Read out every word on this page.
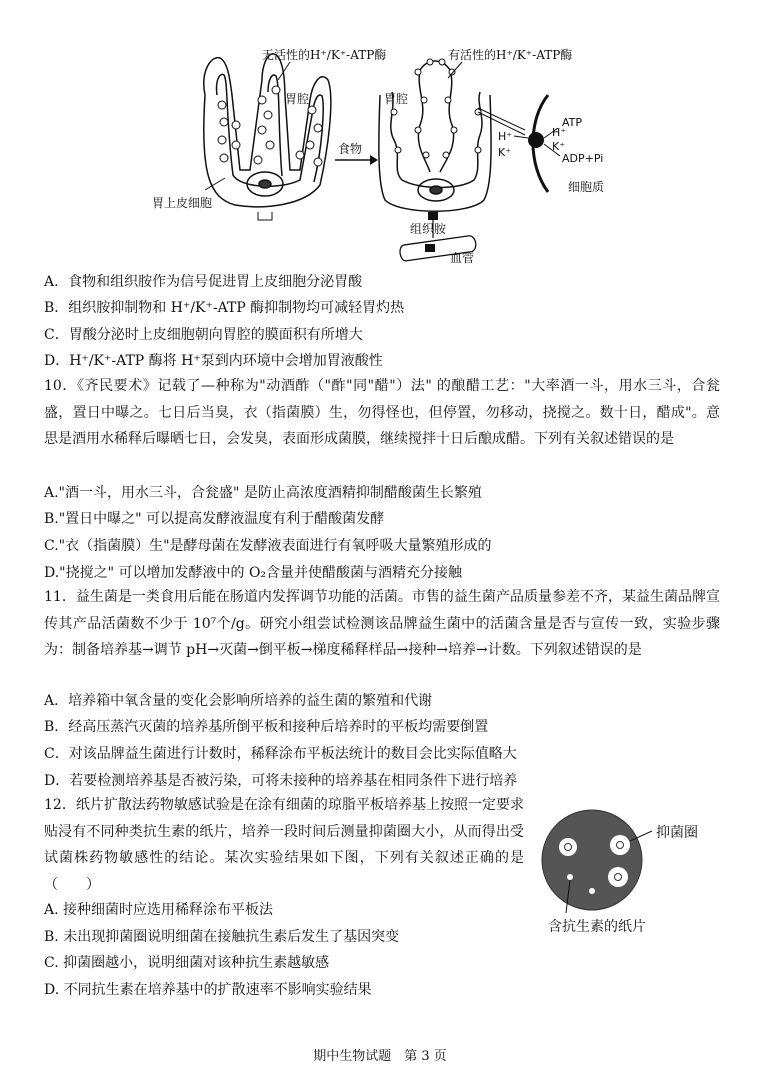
无活性的H⁺/K⁺-ATP酶	有活性的H⁺/K⁺-ATP酶
胃腔	胃腔
食物
胃上皮细胞
组织胺
血管
细胞质
ATP
ADP+Pi
H⁺
K⁺
H⁺
K⁺
A．食物和组织胺作为信号促进胃上皮细胞分泌胃酸
B．组织胺抑制物和 H⁺/K⁺-ATP 酶抑制物均可减轻胃灼热
C．胃酸分泌时上皮细胞朝向胃腔的膜面积有所增大
D．H⁺/K⁺-ATP 酶将 H⁺泵到内环境中会增加胃液酸性
10．《齐民要术》记载了—种称为"动酒酢（"酢"同"醋"）法" 的酿醋工艺："大率酒一斗，用水三斗，合瓮盛，置日中曝之。七日后当臭，衣（指菌膜）生，勿得怪也，但停置，勿移动，挠搅之。数十日，醋成"。意思是酒用水稀释后曝晒七日，会发臭，表面形成菌膜，继续搅拌十日后酿成醋。下列有关叙述错误的是
A."酒一斗，用水三斗，合瓮盛" 是防止高浓度酒精抑制醋酸菌生长繁殖
B."置日中曝之" 可以提高发酵液温度有利于醋酸菌发酵
C."衣（指菌膜）生"是酵母菌在发酵液表面进行有氧呼吸大量繁殖形成的
D."挠搅之" 可以增加发酵液中的 O₂含量并使醋酸菌与酒精充分接触
11．益生菌是一类食用后能在肠道内发挥调节功能的活菌。市售的益生菌产品质量参差不齐，某益生菌品牌宣传其产品活菌数不少于 10⁷个/g。研究小组尝试检测该品牌益生菌中的活菌含量是否与宣传一致，实验步骤为：制备培养基→调节 pH→灭菌→倒平板→梯度稀释样品→接种→培养→计数。下列叙述错误的是
A．培养箱中氧含量的变化会影响所培养的益生菌的繁殖和代谢
B．经高压蒸汽灭菌的培养基所倒平板和接种后培养时的平板均需要倒置
C．对该品牌益生菌进行计数时，稀释涂布平板法统计的数目会比实际值略大
D．若要检测培养基是否被污染，可将未接种的培养基在相同条件下进行培养
12．纸片扩散法药物敏感试验是在涂有细菌的琼脂平板培养基上按照一定要求贴浸有不同种类抗生素的纸片，培养一段时间后测量抑菌圈大小，从而得出受试菌株药物敏感性的结论。某次实验结果如下图，下列有关叙述正确的是（　　）
A. 接种细菌时应选用稀释涂布平板法
B. 未出现抑菌圈说明细菌在接触抗生素后发生了基因突变
C. 抑菌圈越小，说明细菌对该种抗生素越敏感
D. 不同抗生素在培养基中的扩散速率不影响实验结果
抑菌圈
含抗生素的纸片
期中生物试题　第 3 页
